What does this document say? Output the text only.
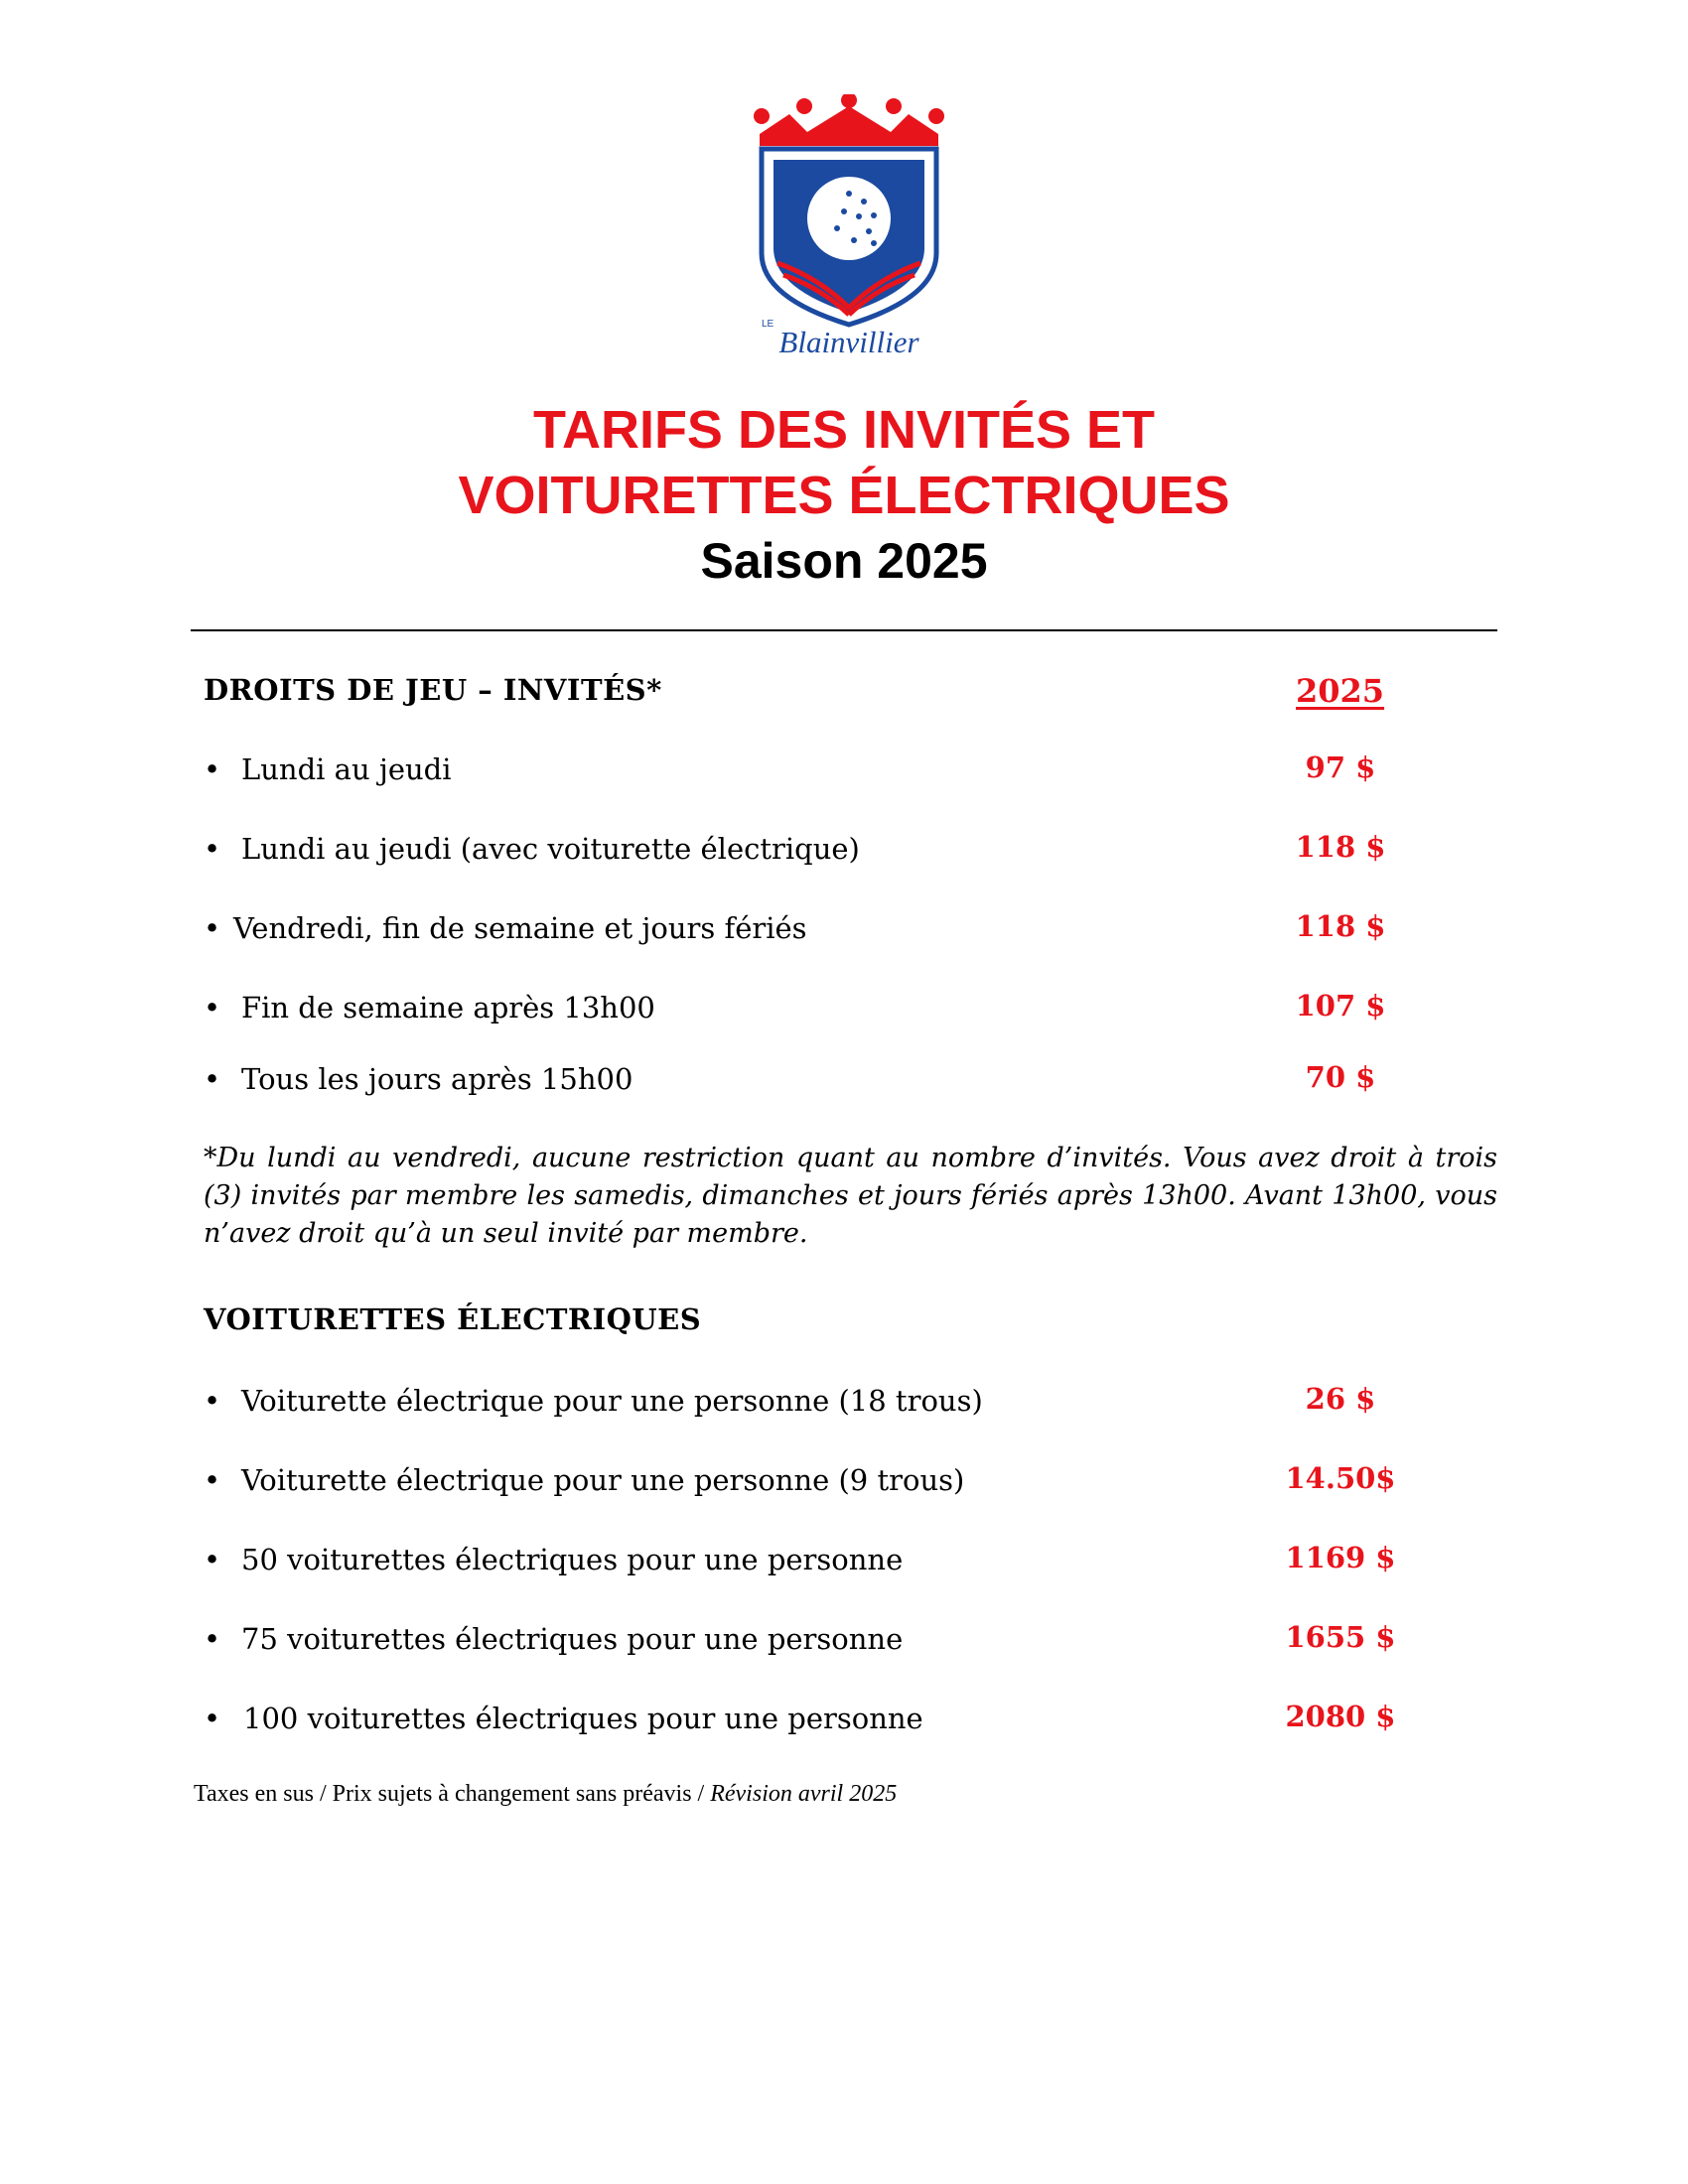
LE
Blainvillier
TARIFS DES INVITÉS ET
VOITURETTES ÉLECTRIQUES
Saison 2025
DROITS DE JEU – INVITÉS*	2025
• Lundi au jeudi	97 $
• Lundi au jeudi (avec voiturette électrique)	118 $
• Vendredi, fin de semaine et jours fériés	118 $
• Fin de semaine après 13h00	107 $
• Tous les jours après 15h00	70 $
*Du lundi au vendredi, aucune restriction quant au nombre d’invités. Vous avez droit à trois (3) invités par membre les samedis, dimanches et jours fériés après 13h00. Avant 13h00, vous n’avez droit qu’à un seul invité par membre.
VOITURETTES ÉLECTRIQUES
• Voiturette électrique pour une personne (18 trous)	26 $
• Voiturette électrique pour une personne (9 trous)	14.50$
• 50 voiturettes électriques pour une personne	1169 $
• 75 voiturettes électriques pour une personne	1655 $
• 100 voiturettes électriques pour une personne	2080 $
Taxes en sus / Prix sujets à changement sans préavis / Révision avril 2025
